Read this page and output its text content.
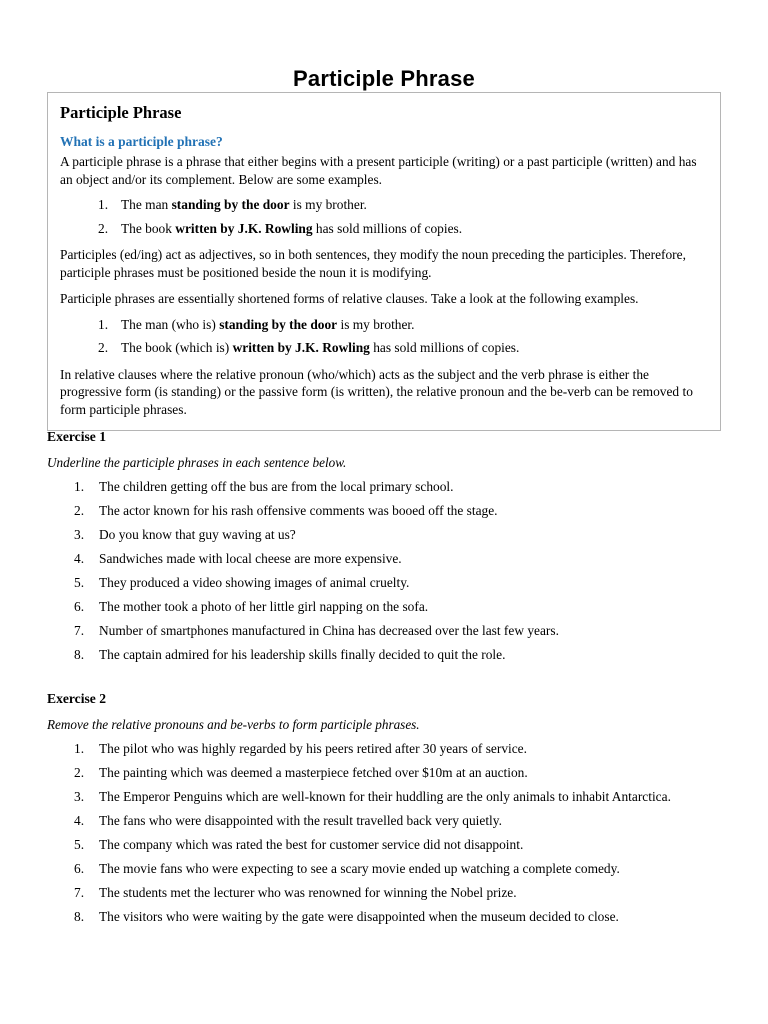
Participle Phrase
Participle Phrase
What is a participle phrase?

A participle phrase is a phrase that either begins with a present participle (writing) or a past participle (written) and has an object and/or its complement. Below are some examples.

1. The man standing by the door is my brother.
2. The book written by J.K. Rowling has sold millions of copies.

Participles (ed/ing) act as adjectives, so in both sentences, they modify the noun preceding the participles. Therefore, participle phrases must be positioned beside the noun it is modifying.

Participle phrases are essentially shortened forms of relative clauses. Take a look at the following examples.

1. The man (who is) standing by the door is my brother.
2. The book (which is) written by J.K. Rowling has sold millions of copies.

In relative clauses where the relative pronoun (who/which) acts as the subject and the verb phrase is either the progressive form (is standing) or the passive form (is written), the relative pronoun and the be-verb can be removed to form participle phrases.

Exercise 1
Underline the participle phrases in each sentence below.
1.	The children getting off the bus are from the local primary school.
2.	The actor known for his rash offensive comments was booed off the stage.
3.	Do you know that guy waving at us?
4.	Sandwiches made with local cheese are more expensive.
5.	They produced a video showing images of animal cruelty.
6.	The mother took a photo of her little girl napping on the sofa.
7.	Number of smartphones manufactured in China has decreased over the last few years.
8.	The captain admired for his leadership skills finally decided to quit the role.
Exercise 2
Remove the relative pronouns and be-verbs to form participle phrases.
1.	The pilot who was highly regarded by his peers retired after 30 years of service.
2.	The painting which was deemed a masterpiece fetched over $10m at an auction.
3.	The Emperor Penguins which are well-known for their huddling are the only animals to inhabit Antarctica.
4.	The fans who were disappointed with the result travelled back very quietly.
5.	The company which was rated the best for customer service did not disappoint.
6.	The movie fans who were expecting to see a scary movie ended up watching a complete comedy.
7.	The students met the lecturer who was renowned for winning the Nobel prize.
8.	The visitors who were waiting by the gate were disappointed when the museum decided to close.
